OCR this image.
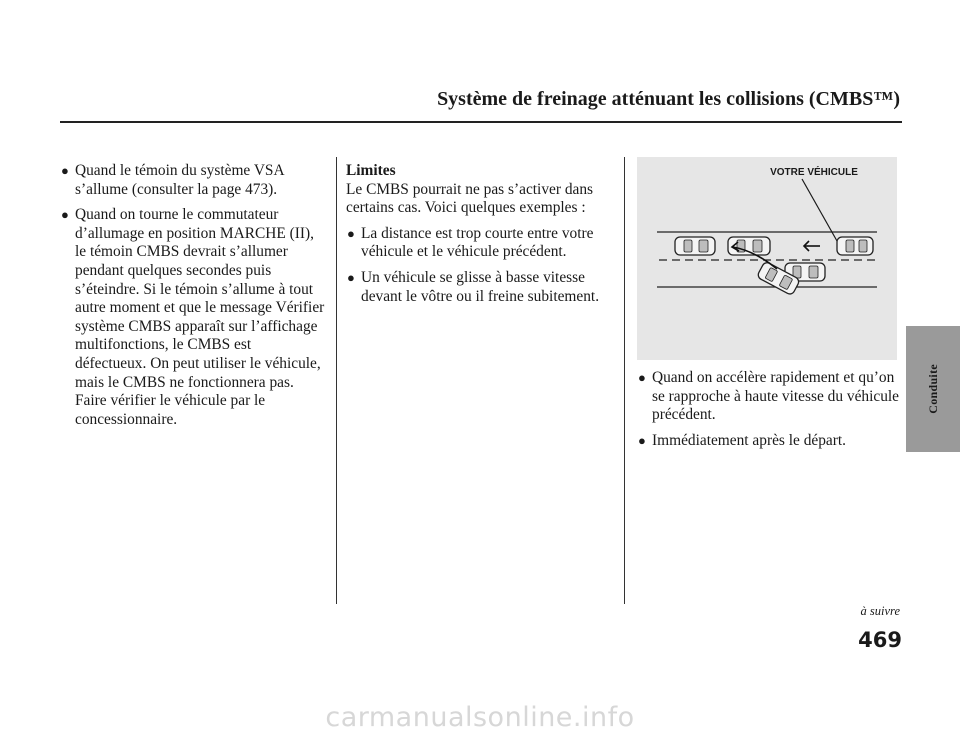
Système de freinage atténuant les collisions (CMBS™)
● Quand le témoin du système VSA s’allume (consulter la page 473).
● Quand on tourne le commutateur d’allumage en position MARCHE (II), le témoin CMBS devrait s’allumer pendant quelques secondes puis s’éteindre. Si le témoin s’allume à tout autre moment et que le message Vérifier système CMBS apparaît sur l’affichage multifonctions, le CMBS est défectueux. On peut utiliser le véhicule, mais le CMBS ne fonctionnera pas. Faire vérifier le véhicule par le concessionnaire.
Limites
Le CMBS pourrait ne pas s’activer dans certains cas. Voici quelques exemples :
● La distance est trop courte entre votre véhicule et le véhicule précédent.
● Un véhicule se glisse à basse vitesse devant le vôtre ou il freine subitement.
VOTRE VÉHICULE
● Quand on accélère rapidement et qu’on se rapproche à haute vitesse du véhicule précédent.
● Immédiatement après le départ.
Conduite
à suivre
469
carmanualsonline.info
